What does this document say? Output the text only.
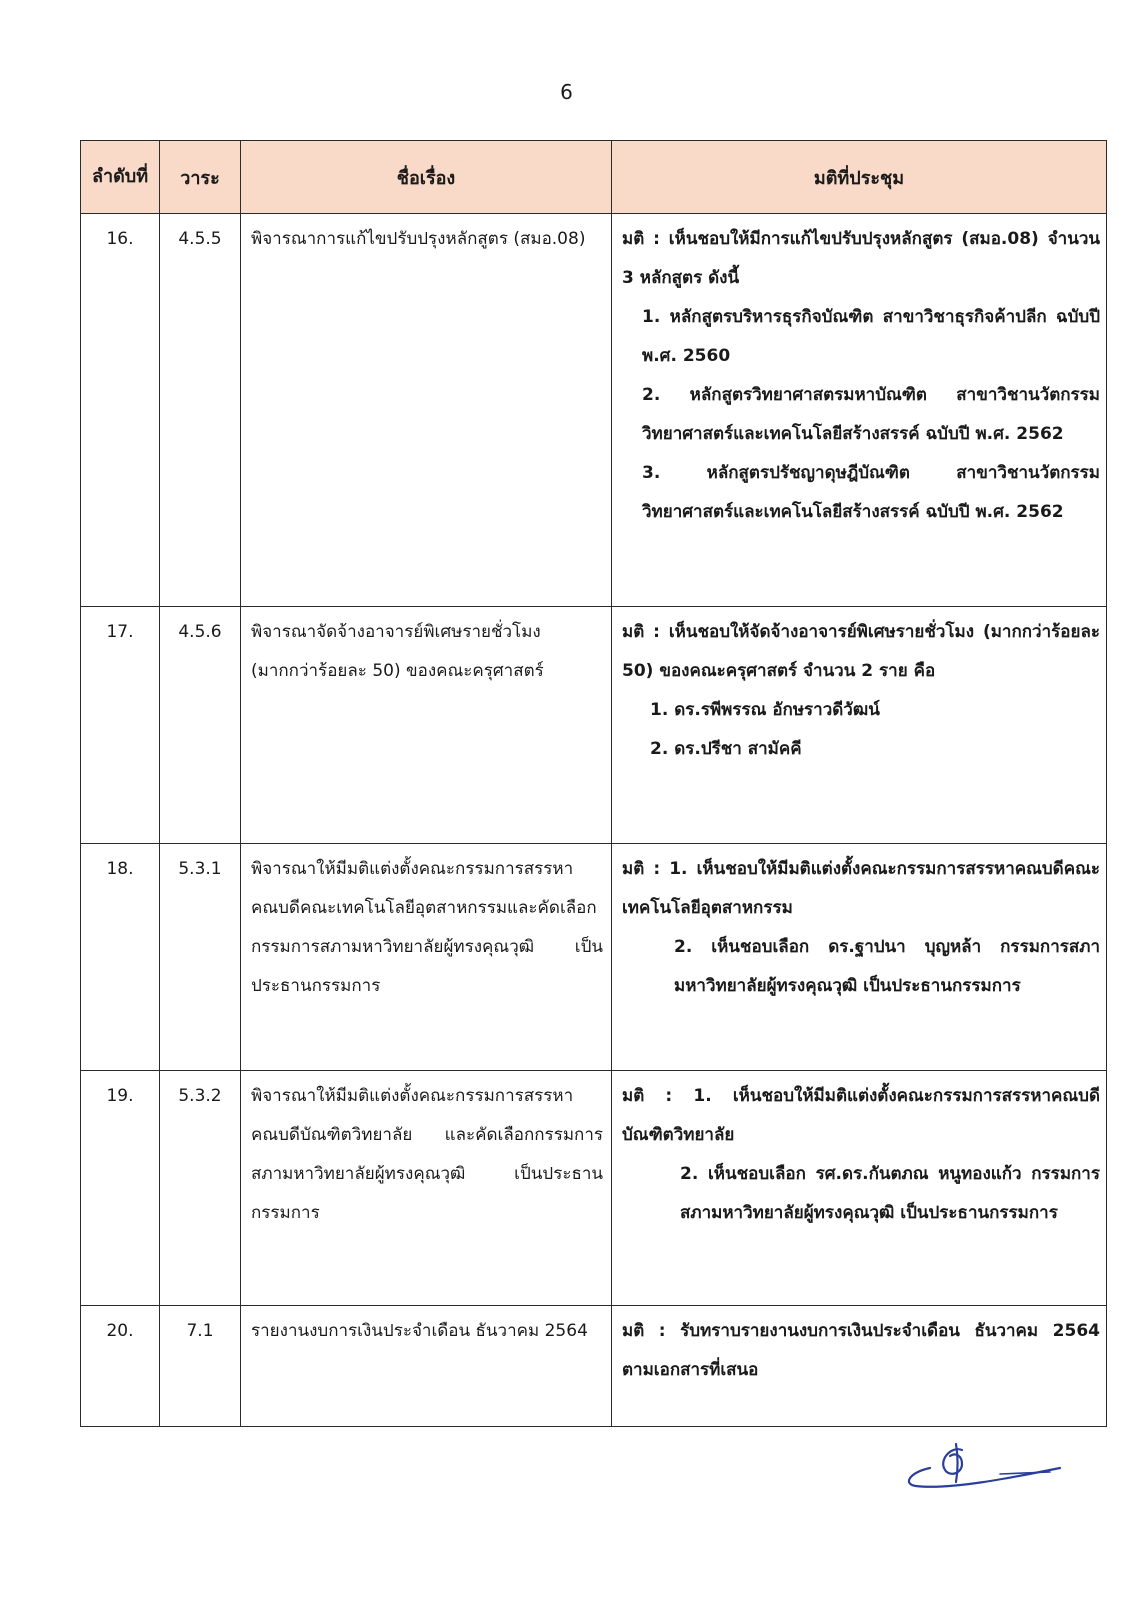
6
ลำดับที่	วาระ	ชื่อเรื่อง	มติที่ประชุม
16.	4.5.5	พิจารณาการแก้ไขปรับปรุงหลักสูตร (สมอ.08)	มติ : เห็นชอบให้มีการแก้ไขปรับปรุงหลักสูตร (สมอ.08) จำนวน 3 หลักสูตร ดังนี้
1. หลักสูตรบริหารธุรกิจบัณฑิต สาขาวิชาธุรกิจค้าปลีก ฉบับปี พ.ศ. 2560
2. หลักสูตรวิทยาศาสตรมหาบัณฑิต สาขาวิชานวัตกรรมวิทยาศาสตร์และเทคโนโลยีสร้างสรรค์ ฉบับปี พ.ศ. 2562
3. หลักสูตรปรัชญาดุษฎีบัณฑิต สาขาวิชานวัตกรรมวิทยาศาสตร์และเทคโนโลยีสร้างสรรค์ ฉบับปี พ.ศ. 2562

17.	4.5.6	พิจารณาจัดจ้างอาจารย์พิเศษรายชั่วโมง (มากกว่าร้อยละ 50) ของคณะครุศาสตร์	มติ : เห็นชอบให้จัดจ้างอาจารย์พิเศษรายชั่วโมง (มากกว่าร้อยละ 50) ของคณะครุศาสตร์ จำนวน 2 ราย คือ
1. ดร.รพีพรรณ อักษราวดีวัฒน์
2. ดร.ปรีชา สามัคคี

18.	5.3.1	พิจารณาให้มีมติแต่งตั้งคณะกรรมการสรรหาคณบดีคณะเทคโนโลยีอุตสาหกรรมและคัดเลือกกรรมการสภามหาวิทยาลัยผู้ทรงคุณวุฒิ เป็นประธานกรรมการ	มติ : 1. เห็นชอบให้มีมติแต่งตั้งคณะกรรมการสรรหาคณบดีคณะเทคโนโลยีอุตสาหกรรม
2. เห็นชอบเลือก ดร.ฐาปนา บุญหล้า กรรมการสภามหาวิทยาลัยผู้ทรงคุณวุฒิ เป็นประธานกรรมการ

19.	5.3.2	พิจารณาให้มีมติแต่งตั้งคณะกรรมการสรรหาคณบดีบัณฑิตวิทยาลัย และคัดเลือกกรรมการสภามหาวิทยาลัยผู้ทรงคุณวุฒิ เป็นประธานกรรมการ	มติ : 1. เห็นชอบให้มีมติแต่งตั้งคณะกรรมการสรรหาคณบดีบัณฑิตวิทยาลัย
2. เห็นชอบเลือก รศ.ดร.กันตภณ หนูทองแก้ว กรรมการสภามหาวิทยาลัยผู้ทรงคุณวุฒิ เป็นประธานกรรมการ

20.	7.1	รายงานงบการเงินประจำเดือน ธันวาคม 2564	มติ : รับทราบรายงานงบการเงินประจำเดือน ธันวาคม 2564 ตามเอกสารที่เสนอ
